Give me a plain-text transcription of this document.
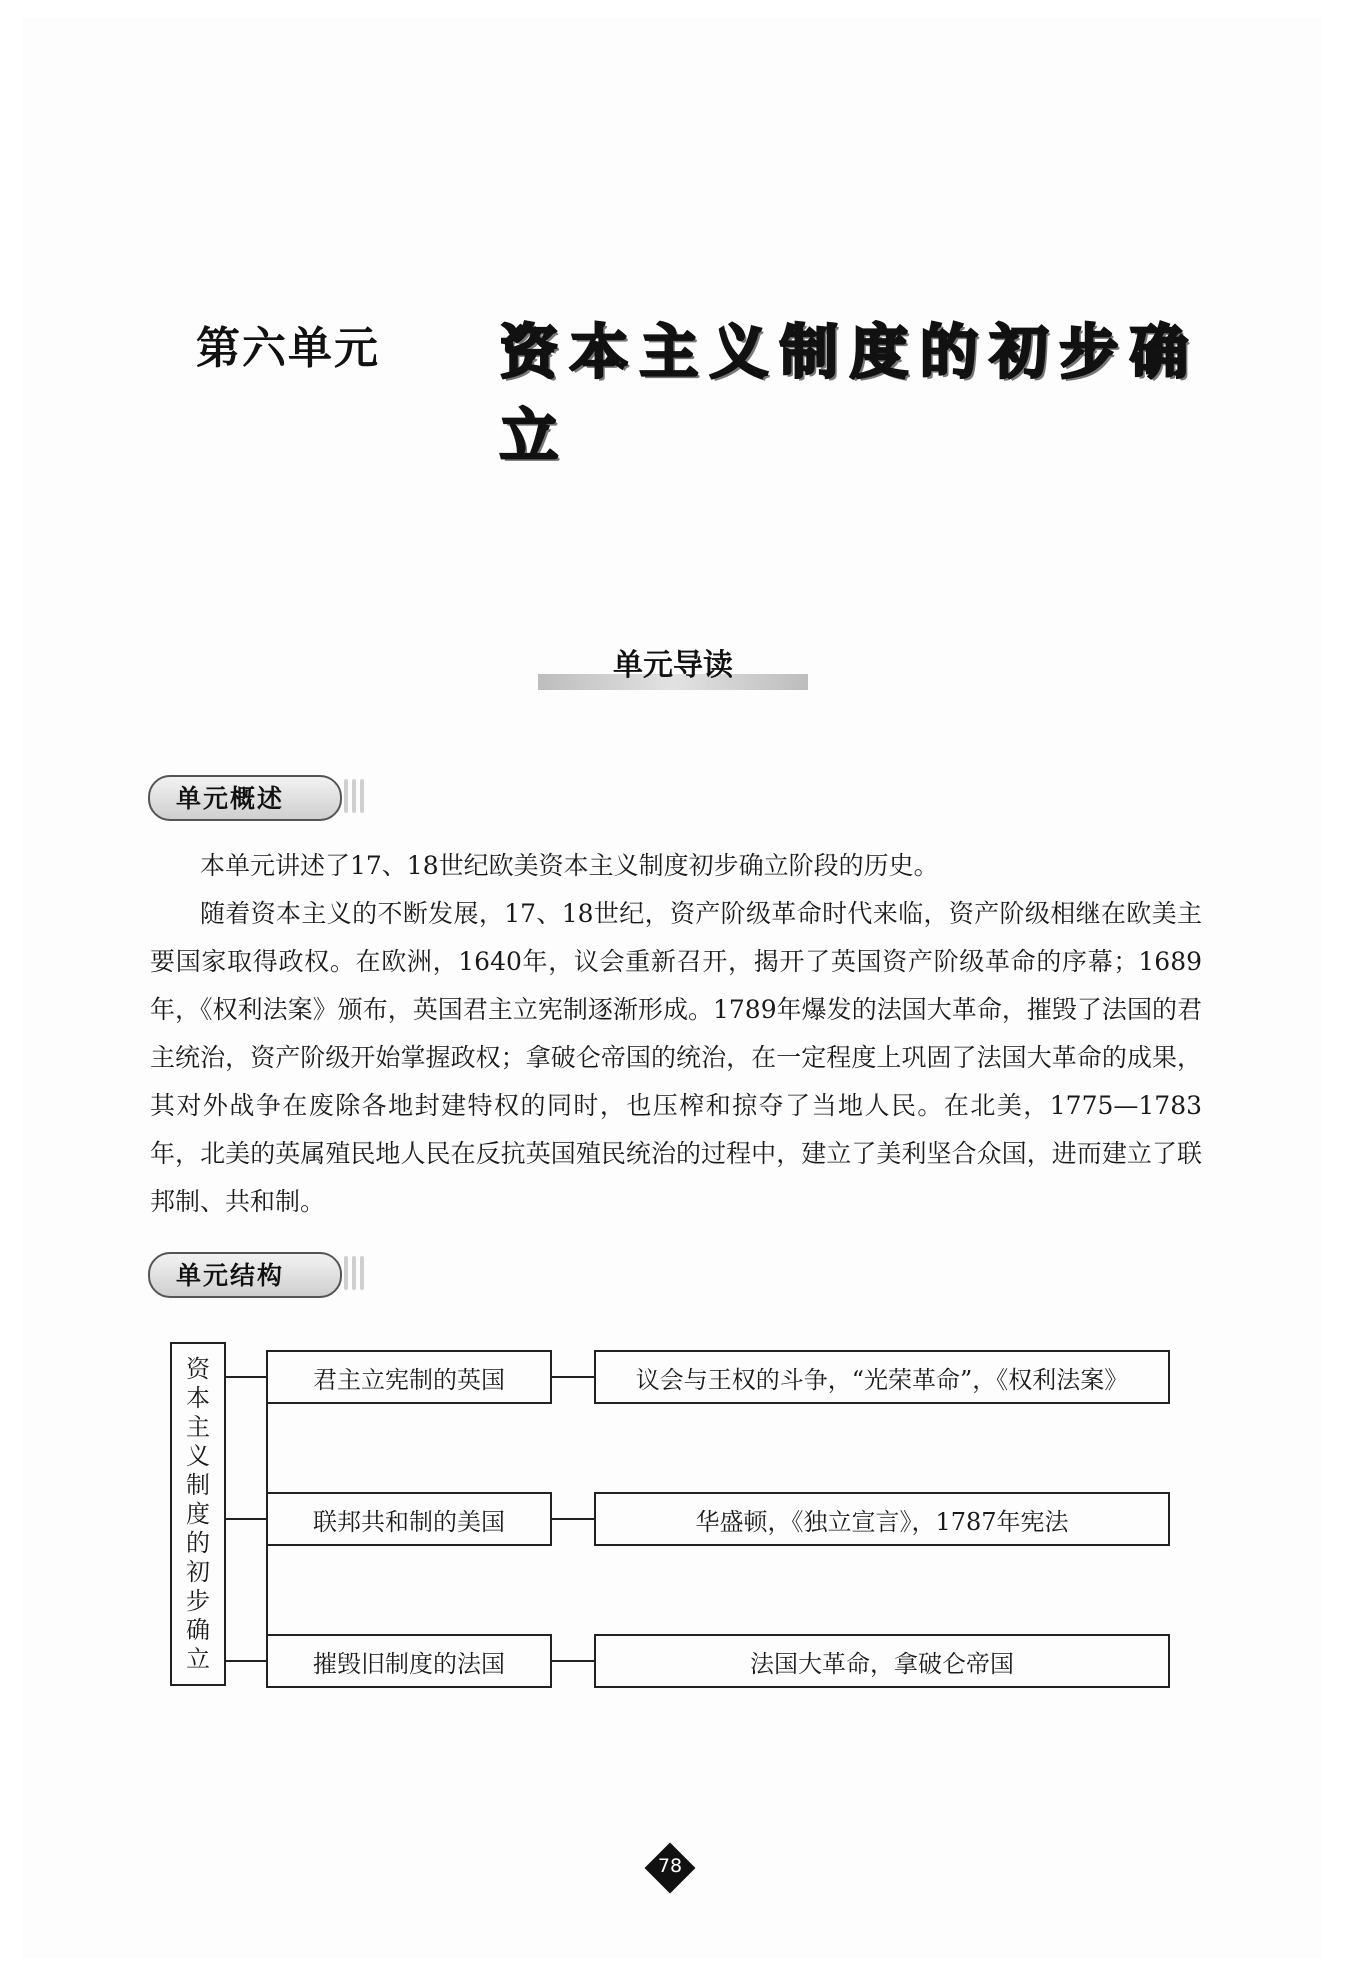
第六单元 资本主义制度的初步确立
单元导读
单元概述

本单元讲述了17、18世纪欧美资本主义制度初步确立阶段的历史。

随着资本主义的不断发展，17、18世纪，资产阶级革命时代来临，资产阶级相继在欧美主要国家取得政权。在欧洲，1640年，议会重新召开，揭开了英国资产阶级革命的序幕；1689年，《权利法案》颁布，英国君主立宪制逐渐形成。1789年爆发的法国大革命，摧毁了法国的君主统治，资产阶级开始掌握政权；拿破仑帝国的统治，在一定程度上巩固了法国大革命的成果，其对外战争在废除各地封建特权的同时，也压榨和掠夺了当地人民。在北美，1775—1783年，北美的英属殖民地人民在反抗英国殖民统治的过程中，建立了美利坚合众国，进而建立了联邦制、共和制。

单元结构
资
本
主
义
制
度
的
初
步
确
立
君主立宪制的英国	议会与王权的斗争，“光荣革命”，《权利法案》
联邦共和制的美国	华盛顿，《独立宣言》，1787年宪法
摧毁旧制度的法国	法国大革命，拿破仑帝国
78
